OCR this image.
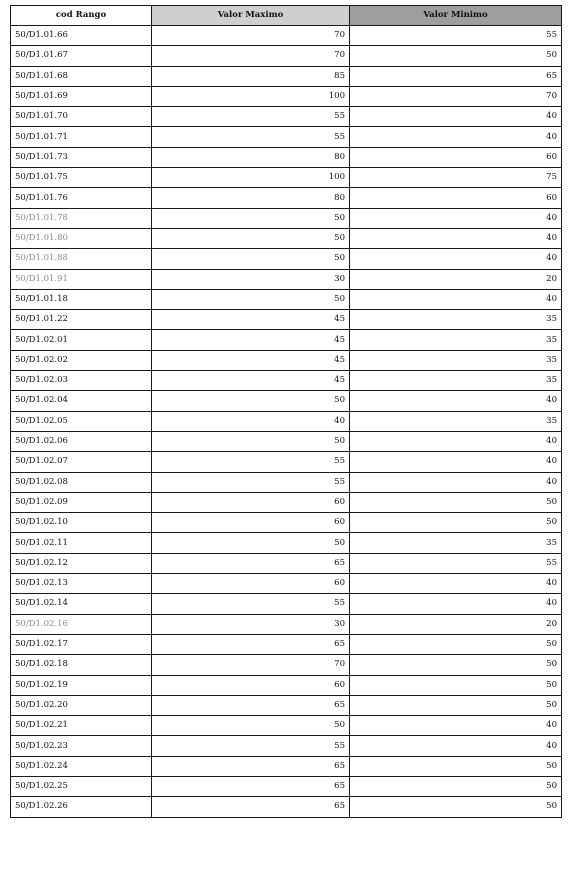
cod Rango	Valor Maximo	Valor Minimo
50/D1.01.66	70	55
50/D1.01.67	70	50
50/D1.01.68	85	65
50/D1.01.69	100	70
50/D1.01.70	55	40
50/D1.01.71	55	40
50/D1.01.73	80	60
50/D1.01.75	100	75
50/D1.01.76	80	60
50/D1.01.78	50	40
50/D1.01.80	50	40
50/D1.01.88	50	40
50/D1.01.91	30	20
50/D1.01.18	50	40
50/D1.01.22	45	35
50/D1.02.01	45	35
50/D1.02.02	45	35
50/D1.02.03	45	35
50/D1.02.04	50	40
50/D1.02.05	40	35
50/D1.02.06	50	40
50/D1.02.07	55	40
50/D1.02.08	55	40
50/D1.02.09	60	50
50/D1.02.10	60	50
50/D1.02.11	50	35
50/D1.02.12	65	55
50/D1.02.13	60	40
50/D1.02.14	55	40
50/D1.02.16	30	20
50/D1.02.17	65	50
50/D1.02.18	70	50
50/D1.02.19	60	50
50/D1.02.20	65	50
50/D1.02.21	50	40
50/D1.02.23	55	40
50/D1.02.24	65	50
50/D1.02.25	65	50
50/D1.02.26	65	50
